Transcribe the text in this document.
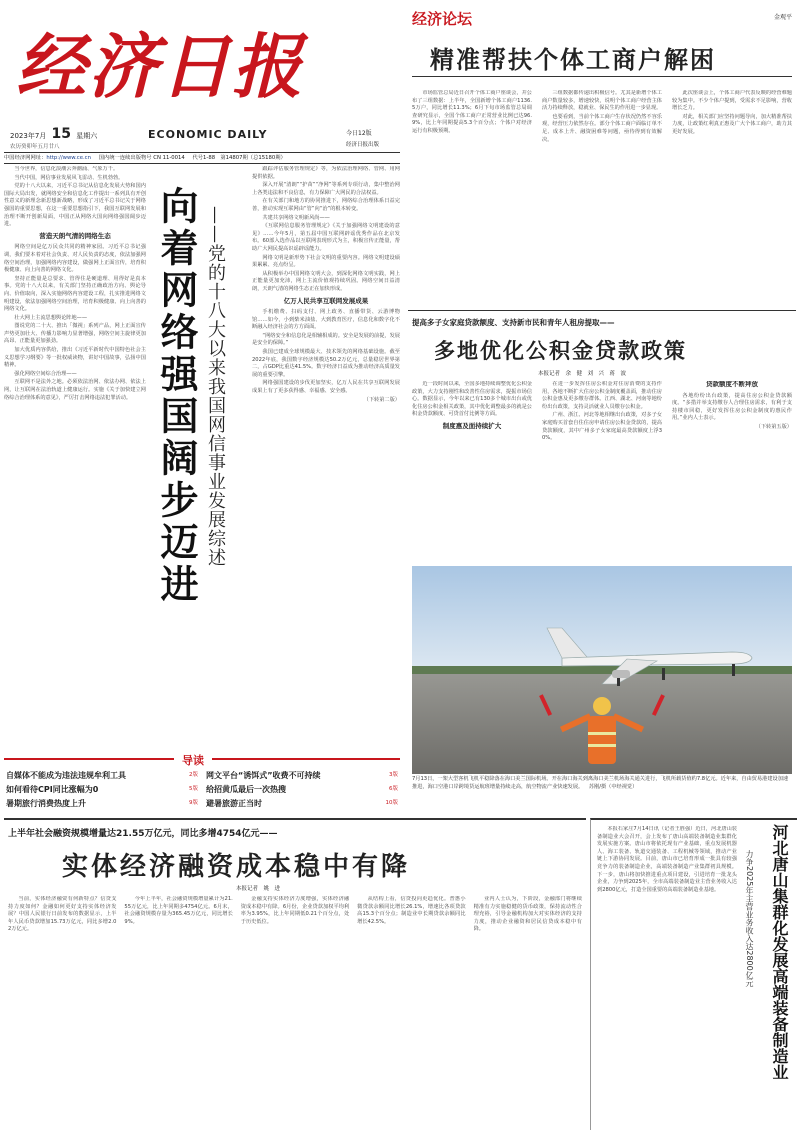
经济日报
2023年7月 15 星期六
农历癸卯年五月廿八
ECONOMIC DAILY	今日12版
经济日报出版
中国经济网网址：http://www.ce.cn 国内统一连续出版物号 CN 11-0014 代号1-88　第14807期（总15180期）
经济论坛	金观平
精准帮扶个体工商户解困

市场监管总局近日召开个体工商户座谈会，并公布了三组数据：上半年，全国新增个体工商户1136.5万户，同比增长11.3%；6月下旬市场监管总局调查研究显示，全国个体工商户正常营业比例已达96.9%，比上年同期提高5.3个百分点；个体户对经济运行有积极预期。

三组数据都传递出积极信号。尤其是新增个体工商户数量较多，增速较快，说明个体工商户经营主体活力持续释放，稳就业、保民生的作用进一步显现。

也要看到，当前个体工商户生存状况仍然不容乐观，经营压力依然存在。部分个体工商户面临订单不足、成本上升、融资困难等问题，亟待得到有效解决。

此次座谈会上，个体工商户代表反映的经营难题较为集中。不少个体户提到，受需求不足影响，营收增长乏力。

对此，相关部门应坚持问题导向，加大精准帮扶力度，让政策红利真正惠及广大个体工商户，助力其更好发展。

当今世界，信息化浪潮云奔潮涌、气象万千。

当代中国，网信事业发展风飞雷动、生机勃勃。

党的十八大以来，习近平总书记从信息化发展大势和国内国际大局出发，就网络安全和信息化工作提出一系列具有开创性意义的新理念新思想新战略，形成了习近平总书记关于网络强国的重要思想，在这一重要思想指引下，我国互联网发展和治理不断开创新局面，中国正从网络大国向网络强国阔步迈进。

营造天朗气清的网络生态

网络空间是亿万民众共同的精神家园。习近平总书记强调，我们要本着对社会负责、对人民负责的态度，依法加强网络空间治理，加强网络内容建设，做强网上正面宣传，培育积极健康、向上向善的网络文化。

坚持正能量是总要求、管得住是硬道理、用得好是真本事。党的十八大以来，有关部门坚持正确政治方向、舆论导向、价值取向，深入实施网络内容建设工程，扎实推进网络文明建设，依法加强网络空间治理，培育积极健康、向上向善的网络文化。

壮大网上主流思想舆论阵地——

图说党的二十大、推出「微视」系列产品，网上正面宣传声势更加壮大、传播力影响力显著增强，网络空间主旋律更加高昂、正能量更加强劲。

加大优质内容供给，推出《习近平新时代中国特色社会主义思想学习纲要》等一批权威读物，讲好中国故事，弘扬中国精神。

强化网络空间综合治理——

互联网不是法外之地。必须依法治网、依法办网、依法上网，让互联网在法治轨道上健康运行。实施《关于加快建立网络综合治理体系的意见》，严厉打击网络违法犯罪活动。 向着网络强国阔步迈进 ——党的十八大以来我国网信事业发展综述

跟踪评估服务管理规定》等，为依法治理网络、管网、用网提供依据。

深入开展“清朗”“护苗”“净网”等系列专项行动，集中整治网上各类违法和不良信息，有力保障广大网民的合法权益。

在有关部门和地方的协同推进下，网络综合治理体系日益完善，推动实现互联网由“管”向“治”的根本转变。

共建共享网络文明新风尚——

《互联网信息服务管理规定》《关于加强网络文明建设的意见》……今年5月，第五届中国互联网辟谣优秀作品在北京发布。60部入选作品以互联网表现形式为主，积极宣传正能量，帮助广大网民提高识谣辟谣能力。

网络文明是新形势下社会文明的重要内容。网络文明建设硕果累累、亮点纷呈。

从积极举办中国网络文明大会，到深化网络文明实践，网上正能量更加充沛，网上主流价值观持续巩固。网络空间日益清朗，天朗气清的网络生态正在加快形成。

亿万人民共享互联网发展成果

手机缴费、扫码支付、网上政务、直播带货、云游博物馆……如今，小到柴米油盐、大到教育医疗，信息化和数字化不断融入经济社会的方方面面。

“网络安全和信息化是相辅相成的。安全是发展的前提，发展是安全的保障。”

我国已建成全球规模最大、技术领先的网络基础设施。截至2022年底，我国数字经济规模达50.2万亿元，总量稳居世界第二，占GDP比重达41.5%。数字经济日益成为推动经济高质量发展的重要引擎。

网络强国建设的步伐更加坚实，亿万人民在共享互联网发展成果上有了更多获得感、幸福感、安全感。

（下转第二版）
导读
自媒体不能成为违法违规牟利工具	2版 网文平台“诱饵式”收费不可持续	3版
如何看待CPI同比涨幅为0	5版 给招黄瓜最后一次热搜	6版
暑期旅行消费热度上升	9版 避暑旅游正当时	10版
提高多子女家庭贷款额度、支持新市民和青年人租房提取——
多地优化公积金贷款政策
本报记者　余　健　刘　兴　蒋　波

近一段时间以来，全国多地持续调整优化公积金政策，大力支持刚性和改善性住房需求，提振市场信心。数据显示，今年以来已有130多个城市出台或优化住房公积金相关政策，其中优化调整最多的就是公积金贷款额度、可贷首付比例等方面。

制度惠及面持续扩大

在进一步发挥住房公积金对住房消费的支持作用，各地不断扩大住房公积金制度覆盖面，推动住房公积金惠及更多缴存群体。江西、湖北、河南等地纷纷出台政策，支持灵活就业人员缴存公积金。

广州、浙江、河北等地相继出台政策，对多子女家庭购买首套自住住房申请住房公积金贷款的，提高贷款额度，其中广州多子女家庭最高贷款额度上浮30%。

贷款额度不断拜放

各地纷纷出台政策，提高住房公积金贷款额度。“多措并举支持缴存人合理住房需求，有利于支持楼市回稳，更好发挥住房公积金制度的惠民作用。”业内人士表示。

（下转第五版）
7月13日，一架大型客机飞机平稳降落在海口美兰国际机场。开在海口海关到离海口美兰机场海关通关进行，飞机所载货值约7.8亿元。近年来，自由贸易港建设加速推进，海口空港口岸跨境货运航班增量持续走高，航空物流产业快速发展。 苏刚/摄（中经视觉）
上半年社会融资规模增量达21.55万亿元，同比多增4754亿元——
实体经济融资成本稳中有降
本报记者　姚　进

当前，实体经济融资有何新特点？信贷支持力度如何？金融如何更好支持实体经济发展？中国人民银行日前发布的数据显示，上半年人民币贷款增加15.73万亿元，同比多增2.02万亿元。

今年上半年，社会融资规模增量累计为21.55万亿元，比上年同期多4754亿元。6月末，社会融资规模存量为365.45万亿元，同比增长9%。

金融支持实体经济力度增强，实体经济融资成本稳中有降。6月份，企业贷款加权平均利率为3.95%，比上年同期低0.21个百分点，处于历史低位。

从结构上看，信贷投向更趋优化。普惠小微贷款余额同比增长26.1%，增速比各项贷款高15.3个百分点；制造业中长期贷款余额同比增长42.5%。

业内人士认为，下阶段，金融部门将继续精准有力实施稳健的货币政策，保持流动性合理充裕，引导金融机构加大对实体经济的支持力度，推动企业融资和居民信贷成本稳中有降。

本报石家庄7月14日讯（记者王胜强）近日，河北唐山装备制造业大会召开，会上发布了唐山高端装备制造业集群化发展实施方案。唐山市将依托现有产业基础，重点发展机器人、海工装备、轨道交通装备、工程机械等领域，推动产业链上下游协同发展。目前，唐山市已培育形成一批具有较强竞争力的装备制造企业，高端装备制造产业集群初具规模。下一步，唐山将加快推进重点项目建设，引进培育一批龙头企业，力争到2025年，全市高端装备制造业主营业务收入达到2800亿元，打造全国重要的高端装备制造业基地。	河北唐山集群化发展高端装备制造业
力争2025年主营业务收入达2800亿元
